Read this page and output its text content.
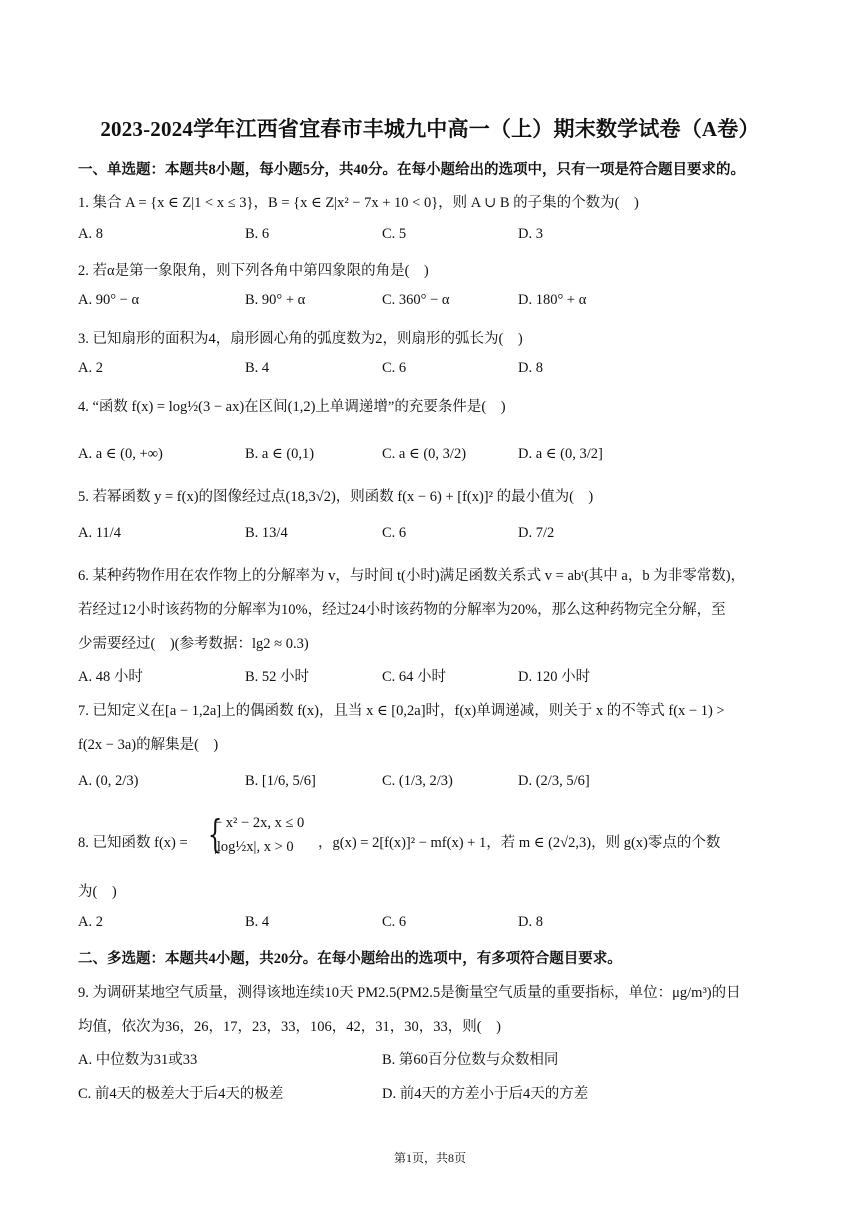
2023-2024学年江西省宜春市丰城九中高一（上）期末数学试卷（A卷）
一、单选题：本题共8小题，每小题5分，共40分。在每小题给出的选项中，只有一项是符合题目要求的。
1. 集合 A = {x ∈ Z|1 < x ≤ 3}，B = {x ∈ Z|x² − 7x + 10 < 0}，则 A ∪ B 的子集的个数为(　)
A. 8	B. 6	C. 5	D. 3
2. 若α是第一象限角，则下列各角中第四象限的角是(　)
A. 90° − α	B. 90° + α	C. 360° − α	D. 180° + α
3. 已知扇形的面积为4，扇形圆心角的弧度数为2，则扇形的弧长为(　)
A. 2	B. 4	C. 6	D. 8
4. “函数 f(x) = log½(3 − ax)在区间(1,2)上单调递增”的充要条件是(　)
A. a ∈ (0, +∞)	B. a ∈ (0,1)	C. a ∈ (0, 3/2)	D. a ∈ (0, 3/2]
5. 若幂函数 y = f(x)的图像经过点(18,3√2)，则函数 f(x − 6) + [f(x)]² 的最小值为(　)
A. 11/4	B. 13/4	C. 6	D. 7/2
6. 某种药物作用在农作物上的分解率为 v，与时间 t(小时)满足函数关系式 v = abᵗ(其中 a，b 为非零常数)，
若经过12小时该药物的分解率为10%，经过24小时该药物的分解率为20%，那么这种药物完全分解，至
少需要经过(　)(参考数据：lg2 ≈ 0.3)
A. 48 小时	B. 52 小时	C. 64 小时	D. 120 小时
7. 已知定义在[a − 1,2a]上的偶函数 f(x)，且当 x ∈ [0,2a]时，f(x)单调递减，则关于 x 的不等式 f(x − 1) >
f(2x − 3a)的解集是(　)
A. (0, 2/3)	B. [1/6, 5/6]	C. (1/3, 2/3)	D. (2/3, 5/6]
8. 已知函数 f(x) = {
− x² − 2x, x ≤ 0
|log½x|, x > 0 ，g(x) = 2[f(x)]² − mf(x) + 1，若 m ∈ (2√2,3)，则 g(x)零点的个数
为(　)
A. 2	B. 4	C. 6	D. 8
二、多选题：本题共4小题，共20分。在每小题给出的选项中，有多项符合题目要求。
9. 为调研某地空气质量，测得该地连续10天 PM2.5(PM2.5是衡量空气质量的重要指标，单位：μg/m³)的日
均值，依次为36，26，17，23，33，106，42，31，30，33，则(　)
A. 中位数为31或33	B. 第60百分位数与众数相同
C. 前4天的极差大于后4天的极差	D. 前4天的方差小于后4天的方差
第1页，共8页
